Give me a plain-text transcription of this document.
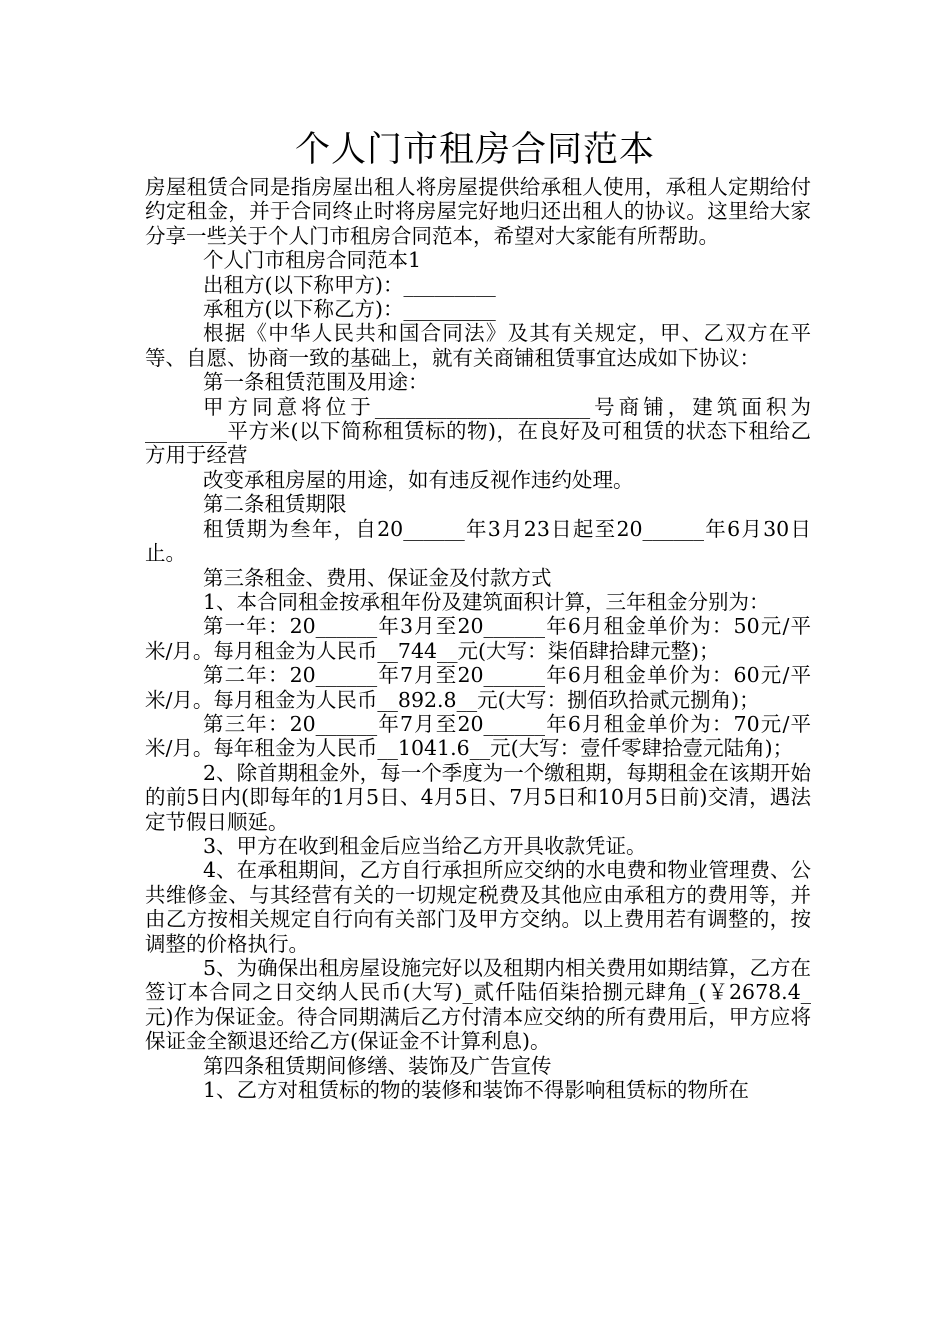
个人门市租房合同范本

房屋租赁合同是指房屋出租人将房屋提供给承租人使用，承租人定期给付约定租金，并于合同终止时将房屋完好地归还出租人的协议。这里给大家分享一些关于个人门市租房合同范本，希望对大家能有所帮助。

个人门市租房合同范本1

出租方(以下称甲方)：_________

承租方(以下称乙方)：_________

根据《中华人民共和国合同法》及其有关规定，甲、乙双方在平等、自愿、协商一致的基础上，就有关商铺租赁事宜达成如下协议：

第一条租赁范围及用途：

甲方同意将位于_____________________号商铺，建筑面积为________平方米(以下简称租赁标的物)，在良好及可租赁的状态下租给乙方用于经营

改变承租房屋的用途，如有违反视作违约处理。

第二条租赁期限

租赁期为叁年，自20______年3月23日起至20______年6月30日止。

第三条租金、费用、保证金及付款方式

1、本合同租金按承租年份及建筑面积计算，三年租金分别为：

第一年：20______年3月至20______年6月租金单价为：50元/平米/月。每月租金为人民币__744__元(大写：柒佰肆拾肆元整)；

第二年：20______年7月至20______年6月租金单价为：60元/平米/月。每月租金为人民币__892.8__元(大写：捌佰玖拾贰元捌角)；

第三年：20______年7月至20______年6月租金单价为：70元/平米/月。每年租金为人民币__1041.6__元(大写：壹仟零肆拾壹元陆角)；

2、除首期租金外，每一个季度为一个缴租期，每期租金在该期开始的前5日内(即每年的1月5日、4月5日、7月5日和10月5日前)交清，遇法定节假日顺延。

3、甲方在收到租金后应当给乙方开具收款凭证。

4、在承租期间，乙方自行承担所应交纳的水电费和物业管理费、公共维修金、与其经营有关的一切规定税费及其他应由承租方的费用等，并由乙方按相关规定自行向有关部门及甲方交纳。以上费用若有调整的，按调整的价格执行。

5、为确保出租房屋设施完好以及租期内相关费用如期结算，乙方在签订本合同之日交纳人民币(大写)_贰仟陆佰柒拾捌元肆角_(￥2678.4_元)作为保证金。待合同期满后乙方付清本应交纳的所有费用后，甲方应将保证金全额退还给乙方(保证金不计算利息)。

第四条租赁期间修缮、装饰及广告宣传

1、乙方对租赁标的物的装修和装饰不得影响租赁标的物所在
